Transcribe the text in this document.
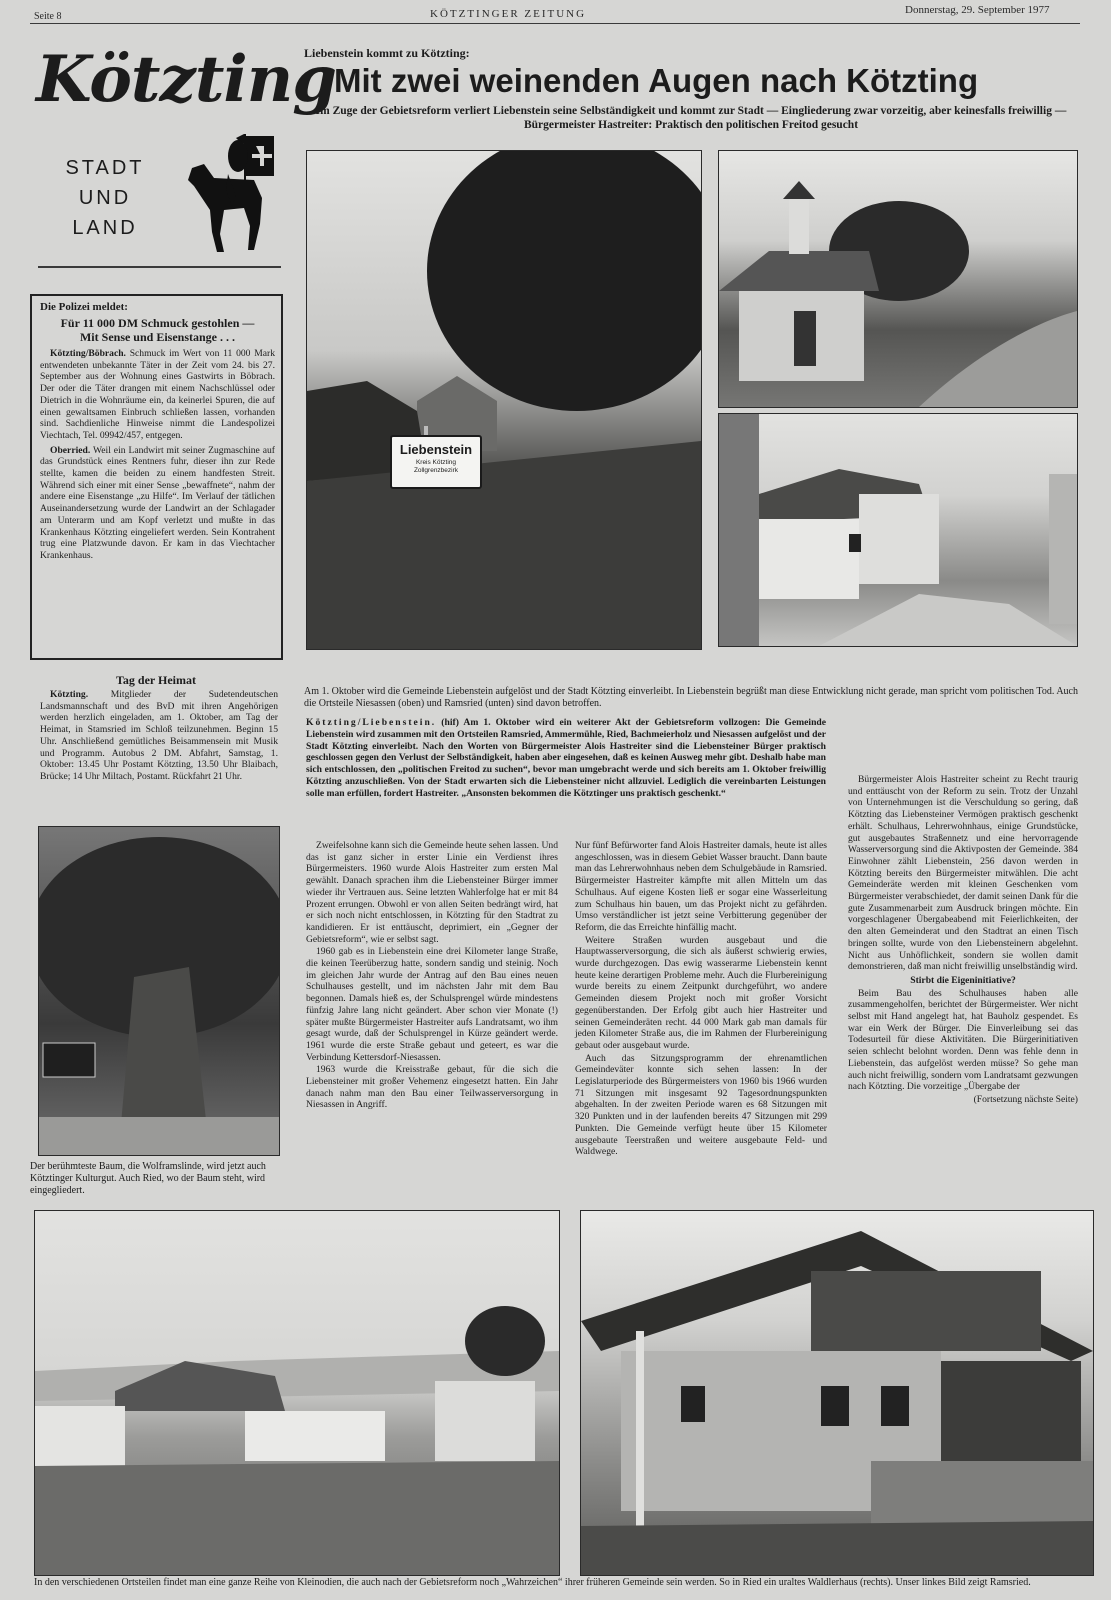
Seite 8	KÖTZTINGER ZEITUNG	Donnerstag, 29. September 1977
Kötzting
STADT
UND
LAND
Die Polizei meldet:
Für 11 000 DM Schmuck gestohlen —
Mit Sense und Eisenstange . . .

Kötzting/Böbrach. Schmuck im Wert von 11 000 Mark entwendeten unbekannte Täter in der Zeit vom 24. bis 27. September aus der Wohnung eines Gastwirts in Böbrach. Der oder die Täter drangen mit einem Nachschlüssel oder Dietrich in die Wohnräume ein, da keinerlei Spuren, die auf einen gewaltsamen Einbruch schließen lassen, vorhanden sind. Sachdienliche Hinweise nimmt die Landespolizei Viechtach, Tel. 09942/457, entgegen.

Oberried. Weil ein Landwirt mit seiner Zugmaschine auf das Grundstück eines Rentners fuhr, dieser ihn zur Rede stellte, kamen die beiden zu einem handfesten Streit. Während sich einer mit einer Sense „bewaffnete“, nahm der andere eine Eisenstange „zu Hilfe“. Im Verlauf der tätlichen Auseinandersetzung wurde der Landwirt an der Schlagader am Unterarm und am Kopf verletzt und mußte in das Krankenhaus Kötzting eingeliefert werden. Sein Kontrahent trug eine Platzwunde davon. Er kam in das Viechtacher Krankenhaus.

Tag der Heimat

Kötzting. Mitglieder der Sudetendeutschen Landsmannschaft und des BvD mit ihren Angehörigen werden herzlich eingeladen, am 1. Oktober, am Tag der Heimat, in Stamsried im Schloß teilzunehmen. Beginn 15 Uhr. Anschließend gemütliches Beisammensein mit Musik und Programm. Autobus 2 DM. Abfahrt, Samstag, 1. Oktober: 13.45 Uhr Postamt Kötzting, 13.50 Uhr Blaibach, Brücke; 14 Uhr Miltach, Postamt. Rückfahrt 21 Uhr.

Der berühmteste Baum, die Wolframslinde, wird jetzt auch Kötztinger Kulturgut. Auch Ried, wo der Baum steht, wird eingegliedert.
Liebenstein kommt zu Kötzting:
Mit zwei weinenden Augen nach Kötzting
Im Zuge der Gebietsreform verliert Liebenstein seine Selbständigkeit und kommt zur Stadt — Eingliederung zwar vorzeitig, aber keinesfalls freiwillig — Bürgermeister Hastreiter: Praktisch den politischen Freitod gesucht
Liebenstein
Kreis Kötzting
Zollgrenzbezirk
Am 1. Oktober wird die Gemeinde Liebenstein aufgelöst und der Stadt Kötzting einverleibt. In Liebenstein begrüßt man diese Entwicklung nicht gerade, man spricht vom politischen Tod. Auch die Ortsteile Niesassen (oben) und Ramsried (unten) sind davon betroffen.

Kötzting/Liebenstein. (hif) Am 1. Oktober wird ein weiterer Akt der Gebietsreform vollzogen: Die Gemeinde Liebenstein wird zusammen mit den Ortsteilen Ramsried, Ammermühle, Ried, Bachmeierholz und Niesassen aufgelöst und der Stadt Kötzting einverleibt. Nach den Worten von Bürgermeister Alois Hastreiter sind die Liebensteiner Bürger praktisch geschlossen gegen den Verlust der Selbständigkeit, haben aber eingesehen, daß es keinen Ausweg mehr gibt. Deshalb habe man sich entschlossen, den „politischen Freitod zu suchen“, bevor man umgebracht werde und sich bereits am 1. Oktober freiwillig Kötzting anzuschließen. Von der Stadt erwarten sich die Liebensteiner nicht allzuviel. Lediglich die vereinbarten Leistungen solle man erfüllen, fordert Hastreiter. „Ansonsten bekommen die Kötztinger uns praktisch geschenkt.“

Zweifelsohne kann sich die Gemeinde heute sehen lassen. Und das ist ganz sicher in erster Linie ein Verdienst ihres Bürgermeisters. 1960 wurde Alois Hastreiter zum ersten Mal gewählt. Danach sprachen ihm die Liebensteiner Bürger immer wieder ihr Vertrauen aus. Seine letzten Wahlerfolge hat er mit 84 Prozent errungen. Obwohl er von allen Seiten bedrängt wird, hat er sich noch nicht entschlossen, in Kötzting für den Stadtrat zu kandidieren. Er ist enttäuscht, deprimiert, ein „Gegner der Gebietsreform“, wie er selbst sagt.

1960 gab es in Liebenstein eine drei Kilometer lange Straße, die keinen Teerüberzug hatte, sondern sandig und steinig. Noch im gleichen Jahr wurde der Antrag auf den Bau eines neuen Schulhauses gestellt, und im nächsten Jahr mit dem Bau begonnen. Damals hieß es, der Schulsprengel würde mindestens fünfzig Jahre lang nicht geändert. Aber schon vier Monate (!) später mußte Bürgermeister Hastreiter aufs Landratsamt, wo ihm gesagt wurde, daß der Schulsprengel in Kürze geändert werde. 1961 wurde die erste Straße gebaut und geteert, es war die Verbindung Kettersdorf-Niesassen.

1963 wurde die Kreisstraße gebaut, für die sich die Liebensteiner mit großer Vehemenz eingesetzt hatten. Ein Jahr danach nahm man den Bau einer Teilwasserversorgung in Niesassen in Angriff.

Nur fünf Befürworter fand Alois Hastreiter damals, heute ist alles angeschlossen, was in diesem Gebiet Wasser braucht. Dann baute man das Lehrerwohnhaus neben dem Schulgebäude in Ramsried. Bürgermeister Hastreiter kämpfte mit allen Mitteln um das Schulhaus. Auf eigene Kosten ließ er sogar eine Wasserleitung zum Schulhaus hin bauen, um das Projekt nicht zu gefährden. Umso verständlicher ist jetzt seine Verbitterung gegenüber der Reform, die das Erreichte hinfällig macht.

Weitere Straßen wurden ausgebaut und die Hauptwasserversorgung, die sich als äußerst schwierig erwies, wurde durchgezogen. Das ewig wasserarme Liebenstein kennt heute keine derartigen Probleme mehr. Auch die Flurbereinigung wurde bereits zu einem Zeitpunkt durchgeführt, wo andere Gemeinden diesem Projekt noch mit großer Vorsicht gegenüberstanden. Der Erfolg gibt auch hier Hastreiter und seinen Gemeinderäten recht. 44 000 Mark gab man damals für jeden Kilometer Straße aus, die im Rahmen der Flurbereinigung gebaut oder ausgebaut wurde.

Auch das Sitzungsprogramm der ehrenamtlichen Gemeindeväter konnte sich sehen lassen: In der Legislaturperiode des Bürgermeisters von 1960 bis 1966 wurden 71 Sitzungen mit insgesamt 92 Tagesordnungspunkten abgehalten. In der zweiten Periode waren es 68 Sitzungen mit 320 Punkten und in der laufenden bereits 47 Sitzungen mit 299 Punkten. Die Gemeinde verfügt heute über 15 Kilometer ausgebaute Teerstraßen und weitere ausgebaute Feld- und Waldwege.

Bürgermeister Alois Hastreiter scheint zu Recht traurig und enttäuscht von der Reform zu sein. Trotz der Unzahl von Unternehmungen ist die Verschuldung so gering, daß Kötzting das Liebensteiner Vermögen praktisch geschenkt erhält. Schulhaus, Lehrerwohnhaus, einige Grundstücke, gut ausgebautes Straßennetz und eine hervorragende Wasserversorgung sind die Aktivposten der Gemeinde. 384 Einwohner zählt Liebenstein, 256 davon werden in Kötzting bereits den Bürgermeister mitwählen. Die acht Gemeinderäte werden mit kleinen Geschenken vom Bürgermeister verabschiedet, der damit seinen Dank für die gute Zusammenarbeit zum Ausdruck bringen möchte. Ein vorgeschlagener Übergabeabend mit Feierlichkeiten, der den alten Gemeinderat und den Stadtrat an einen Tisch bringen sollte, wurde von den Liebensteinern abgelehnt. Nicht aus Unhöflichkeit, sondern sie wollen damit demonstrieren, daß man nicht freiwillig unselbständig wird.

Stirbt die Eigeninitiative?

Beim Bau des Schulhauses haben alle zusammengeholfen, berichtet der Bürgermeister. Wer nicht selbst mit Hand angelegt hat, hat Bauholz gespendet. Es war ein Werk der Bürger. Die Einverleibung sei das Todesurteil für diese Aktivitäten. Die Bürgerinitiativen seien schlecht belohnt worden. Denn was fehle denn in Liebenstein, das aufgelöst werden müsse? So gehe man auch nicht freiwillig, sondern vom Landratsamt gezwungen nach Kötzting. Die vorzeitige „Übergabe der

(Fortsetzung nächste Seite)

In den verschiedenen Ortsteilen findet man eine ganze Reihe von Kleinodien, die auch nach der Gebietsreform noch „Wahrzeichen“ ihrer früheren Gemeinde sein werden. So in Ried ein uraltes Waldlerhaus (rechts). Unser linkes Bild zeigt Ramsried.
